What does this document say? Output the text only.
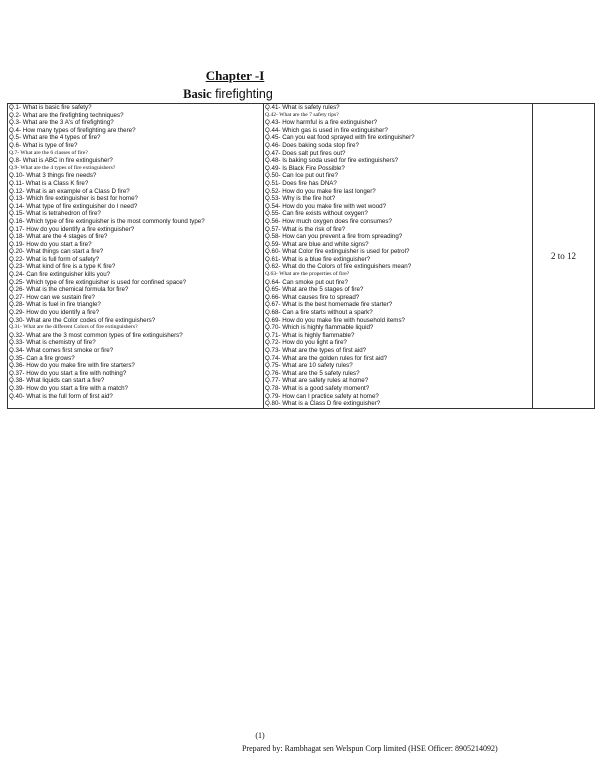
Chapter -I
Basic firefighting
Q.1- What is basic fire safety?
Q.2- What are the firefighting techniques?
Q.3- What are the 3 A's of firefighting?
Q.4- How many types of firefighting are there?
Q.5- What are the 4 types of fire?
Q.6- What is type of fire?
Q.7- What are the 6 classes of fire?
Q.8- What is ABC in fire extinguisher?
Q.9- What are the 4 types of fire extinguishers?
Q.10- What 3 things fire needs?
Q.11- What is a Class K fire?
Q.12- What is an example of a Class D fire?
Q.13- Which fire extinguisher is best for home?
Q.14- What type of fire extinguisher do I need?
Q.15- What is tetrahedron of fire?
Q.16- Which type of fire extinguisher is the most commonly found type?
Q.17- How do you identify a fire extinguisher?
Q.18- What are the 4 stages of fire?
Q.19- How do you start a fire?
Q.20- What things can start a fire?
Q.22- What is full form of safety?
Q.23- What kind of fire is a type K fire?
Q.24- Can fire extinguisher kills you?
Q.25- Which type of fire extinguisher is used for confined space?
Q.26- What is the chemical formula for fire?
Q.27- How can we sustain fire?
Q.28- What is fuel in fire triangle?
Q.29- How do you identify a fire?
Q.30- What are the Color codes of fire extinguishers?
Q.31- What are the different Colors of fire extinguishers?
Q.32- What are the 3 most common types of fire extinguishers?
Q.33- What is chemistry of fire?
Q.34- What comes first smoke or fire?
Q.35- Can a fire grows?
Q.36- How do you make fire with fire starters?
Q.37- How do you start a fire with nothing?
Q.38- What liquids can start a fire?
Q.39- How do you start a fire with a match?
Q.40- What is the full form of first aid?

Q.41- What is safety rules?
Q.42- What are the 7 safety tips?
Q.43- How harmful is a fire extinguisher?
Q.44- Which gas is used in fire extinguisher?
Q.45- Can you eat food sprayed with fire extinguisher?
Q.46- Does baking soda stop fire?
Q.47- Does salt put fires out?
Q.48- Is baking soda used for fire extinguishers?
Q.49- Is Black Fire Possible?
Q.50- Can Ice put out fire?
Q.51- Does fire has DNA?
Q.52- How do you make fire last longer?
Q.53- Why is the fire hot?
Q.54- How do you make fire with wet wood?
Q.55- Can fire exists without oxygen?
Q.56- How much oxygen does fire consumes?
Q.57- What is the risk of fire?
Q.58- How can you prevent a fire from spreading?
Q.59- What are blue and white signs?
Q.60- What Color fire extinguisher is used for petrol?
Q.61- What is a blue fire extinguisher?
Q.62- What do the Colors of fire extinguishers mean?
Q.63- What are the properties of fire?
Q.64- Can smoke put out fire?
Q.65- What are the 5 stages of fire?
Q.66- What causes fire to spread?
Q.67- What is the best homemade fire starter?
Q.68- Can a fire starts without a spark?
Q.69- How do you make fire with household items?
Q.70- Which is highly flammable liquid?
Q.71- What is highly flammable?
Q.72- How do you light a fire?
Q.73- What are the types of first aid?
Q.74- What are the golden rules for first aid?
Q.75- What are 10 safety rules?
Q.76- What are the 5 safety rules?
Q.77- What are safety rules at home?
Q.78- What is a good safety moment?
Q.79- How can I practice safety at home?
Q.80- What is a Class D fire extinguisher?
	2 to 12
(1)
Prepared by: Rambhagat sen Welspun Corp limited (HSE Officer: 8905214092)
